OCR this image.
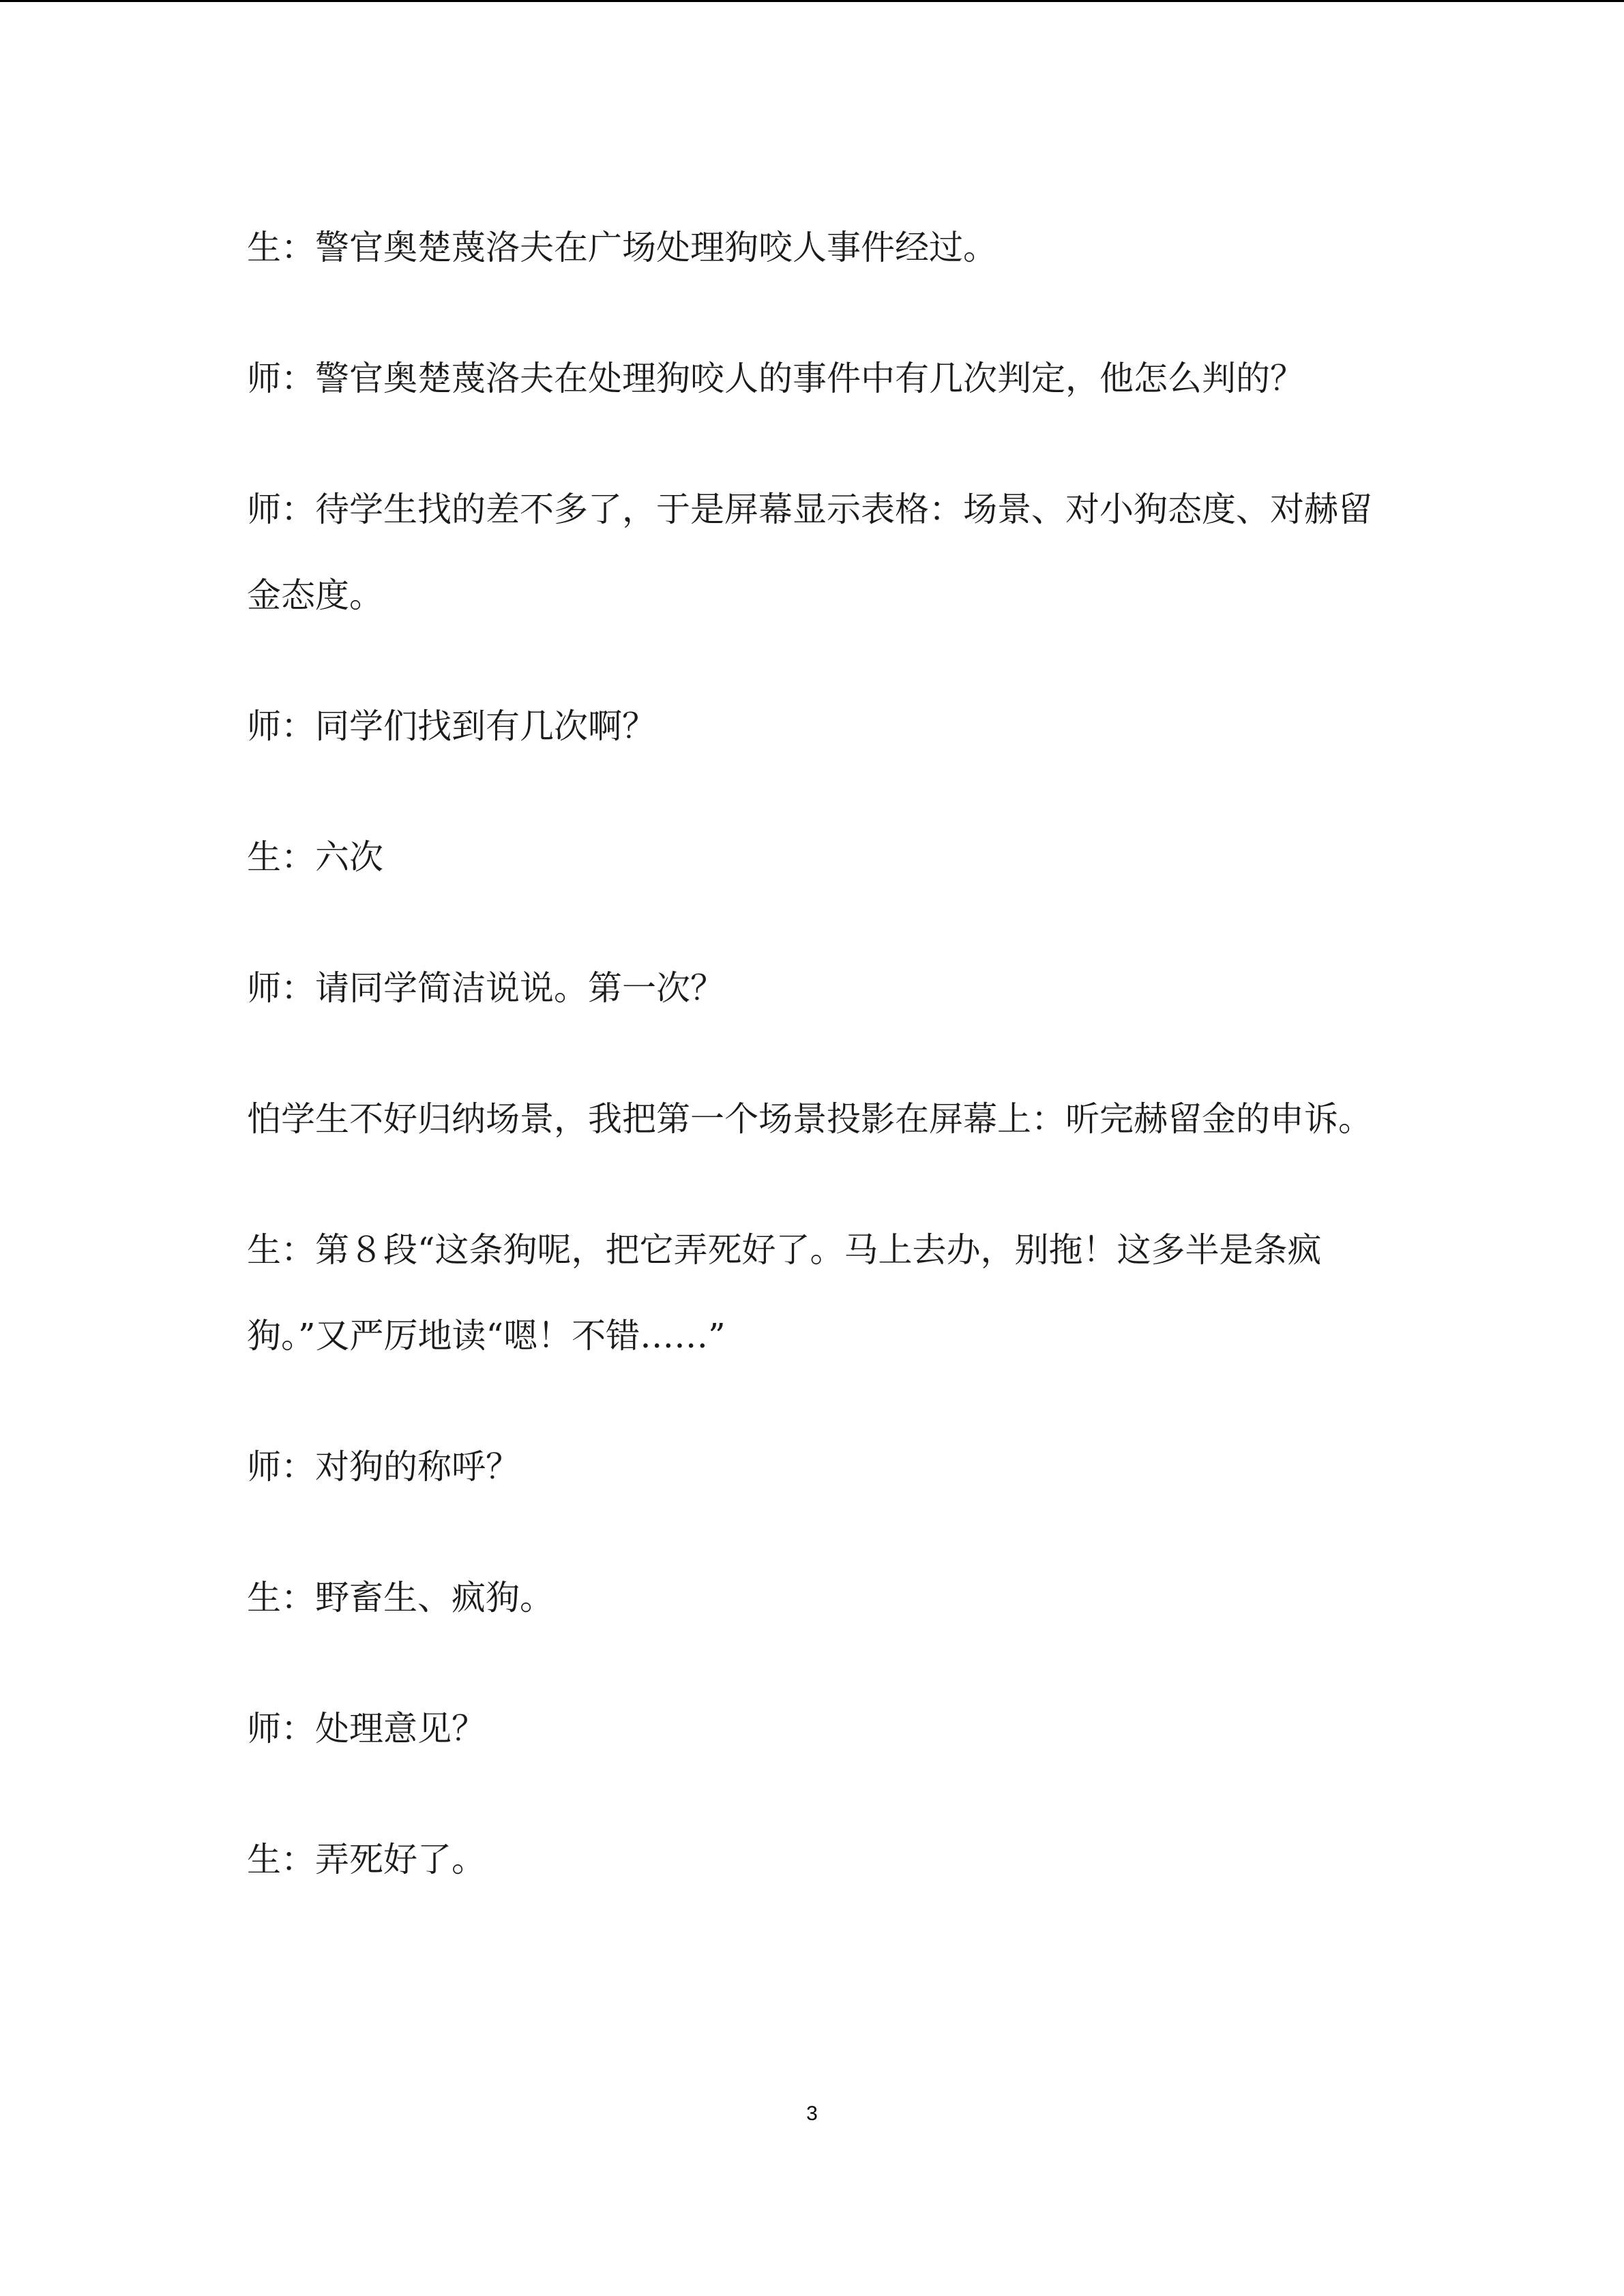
生：警官奥楚蔑洛夫在广场处理狗咬人事件经过。

师：警官奥楚蔑洛夫在处理狗咬人的事件中有几次判定，他怎么判的？

师：待学生找的差不多了，于是屏幕显示表格：场景、对小狗态度、对赫留金态度。

师：同学们找到有几次啊？

生：六次

师：请同学简洁说说。第一次？

怕学生不好归纳场景，我把第一个场景投影在屏幕上：听完赫留金的申诉。

生：第８段“这条狗呢，把它弄死好了。马上去办，别拖！这多半是条疯狗。”又严厉地读“嗯！不错……”

师：对狗的称呼？

生：野畜生、疯狗。

师：处理意见？

生：弄死好了。

3
